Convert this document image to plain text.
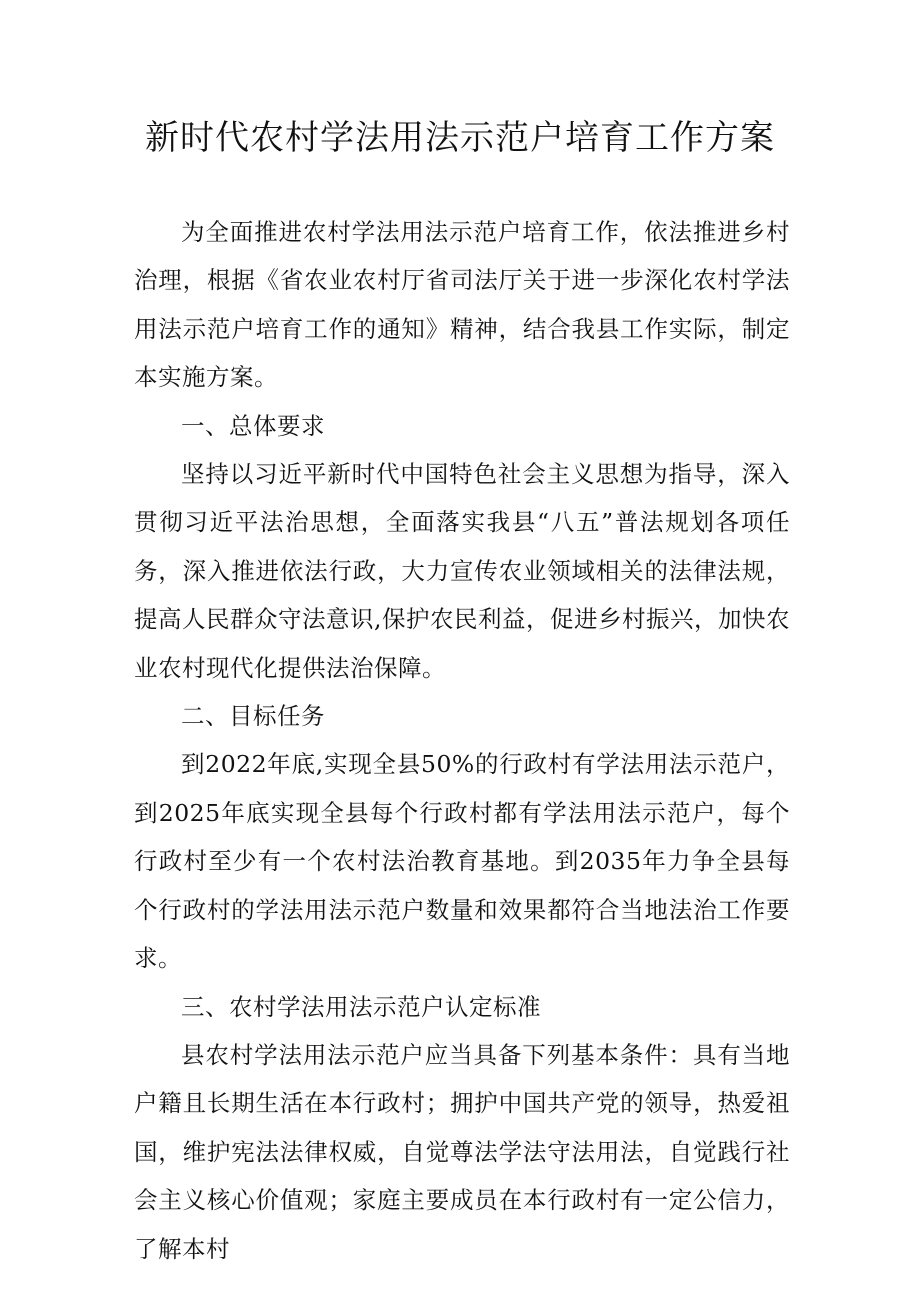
新时代农村学法用法示范户培育工作方案

为全面推进农村学法用法示范户培育工作，依法推进乡村治理，根据《省农业农村厅省司法厅关于进一步深化农村学法用法示范户培育工作的通知》精神，结合我县工作实际，制定本实施方案。

一、总体要求

坚持以习近平新时代中国特色社会主义思想为指导，深入贯彻习近平法治思想，全面落实我县“八五”普法规划各项任务，深入推进依法行政，大力宣传农业领域相关的法律法规，提高人民群众守法意识,保护农民利益，促进乡村振兴，加快农业农村现代化提供法治保障。

二、目标任务

到2022年底,实现全县50%的行政村有学法用法示范户，到2025年底实现全县每个行政村都有学法用法示范户，每个行政村至少有一个农村法治教育基地。到2035年力争全县每个行政村的学法用法示范户数量和效果都符合当地法治工作要求。

三、农村学法用法示范户认定标准

县农村学法用法示范户应当具备下列基本条件：具有当地户籍且长期生活在本行政村；拥护中国共产党的领导，热爱祖国，维护宪法法律权威，自觉尊法学法守法用法，自觉践行社会主义核心价值观；家庭主要成员在本行政村有一定公信力，了解本村
